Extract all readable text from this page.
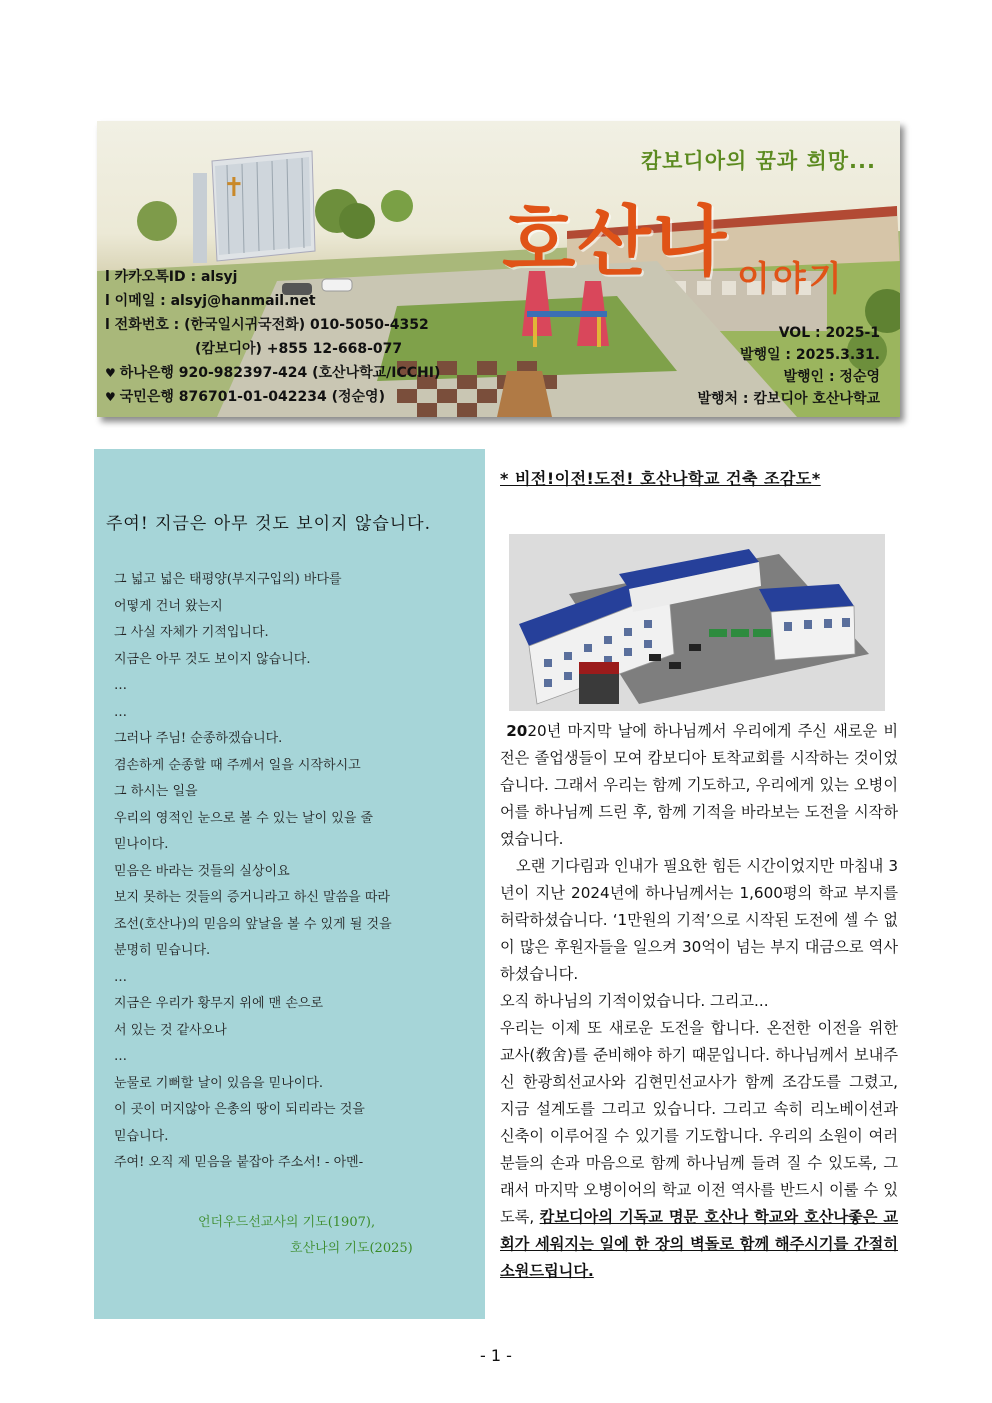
✝
캄보디아의 꿈과 희망...
호산나 이야기
l 카카오톡ID : alsyj
l 이메일 : alsyj@hanmail.net
l 전화번호 : (한국일시귀국전화) 010-5050-4352
(캄보디아) +855 12-668-077
♥ 하나은행 920-982397-424 (호산나학교/ICCHI)
♥ 국민은행 876701-01-042234 (정순영)
VOL : 2025-1
발행일 : 2025.3.31.
발행인 : 정순영
발행처 : 캄보디아 호산나학교
주여! 지금은 아무 것도 보이지 않습니다.
그 넓고 넓은 태평양(부지구입의) 바다를
어떻게 건너 왔는지
그 사실 자체가 기적입니다.
지금은 아무 것도 보이지 않습니다.
…
…
그러나 주님! 순종하겠습니다.
겸손하게 순종할 때 주께서 일을 시작하시고
그 하시는 일을
우리의 영적인 눈으로 볼 수 있는 날이 있을 줄
믿나이다.
믿음은 바라는 것들의 실상이요
보지 못하는 것들의 증거니라고 하신 말씀을 따라
조선(호산나)의 믿음의 앞날을 볼 수 있게 될 것을
분명히 믿습니다.
…
지금은 우리가 황무지 위에 맨 손으로
서 있는 것 같사오나
…
눈물로 기뻐할 날이 있음을 믿나이다.
이 곳이 머지않아 은총의 땅이 되리라는 것을
믿습니다.
주여! 오직 제 믿음을 붙잡아 주소서! - 아멘-
언더우드선교사의 기도(1907),
호산나의 기도(2025)
* 비전!이전!도전! 호산나학교 건축 조감도*

2020년 마지막 날에 하나님께서 우리에게 주신 새로운 비전은 졸업생들이 모여 캄보디아 토착교회를 시작하는 것이었습니다. 그래서 우리는 함께 기도하고, 우리에게 있는 오병이어를 하나님께 드린 후, 함께 기적을 바라보는 도전을 시작하였습니다.

오랜 기다림과 인내가 필요한 힘든 시간이었지만 마침내 3년이 지난 2024년에 하나님께서는 1,600평의 학교 부지를 허락하셨습니다. ‘1만원의 기적’으로 시작된 도전에 셀 수 없이 많은 후원자들을 일으켜 30억이 넘는 부지 대금으로 역사하셨습니다.

오직 하나님의 기적이었습니다. 그리고...

우리는 이제 또 새로운 도전을 합니다. 온전한 이전을 위한 교사(敎舍)를 준비해야 하기 때문입니다. 하나님께서 보내주신 한광희선교사와 김현민선교사가 함께 조감도를 그렸고, 지금 설계도를 그리고 있습니다. 그리고 속히 리노베이션과 신축이 이루어질 수 있기를 기도합니다. 우리의 소원이 여러분들의 손과 마음으로 함께 하나님께 들려 질 수 있도록, 그래서 마지막 오병이어의 학교 이전 역사를 반드시 이룰 수 있도록, 캄보디아의 기독교 명문 호산나 학교와 호산나좋은 교회가 세워지는 일에 한 장의 벽돌로 함께 해주시기를 간절히소원드립니다.

- 1 -
